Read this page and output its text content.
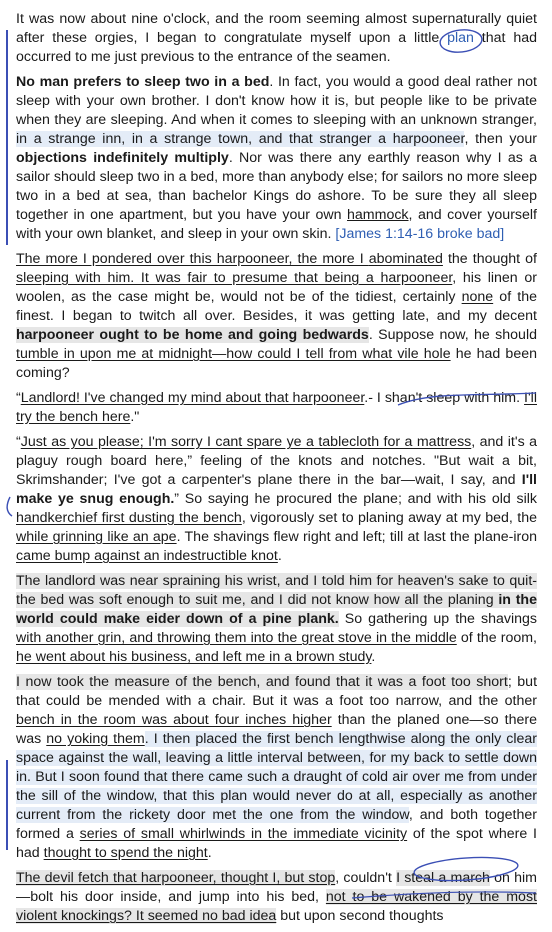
It was now about nine o'clock, and the room seeming almost supernaturally quiet after these orgies, I began to congratulate myself upon a little plan that had occurred to me just previous to the entrance of the seamen.

No man prefers to sleep two in a bed. In fact, you would a good deal rather not sleep with your own brother. I don't know how it is, but people like to be private when they are sleeping. And when it comes to sleeping with an unknown stranger, in a strange inn, in a strange town, and that stranger a harpooneer, then your objections indefinitely multiply. Nor was there any earthly reason why I as a sailor should sleep two in a bed, more than anybody else; for sailors no more sleep two in a bed at sea, than bachelor Kings do ashore. To be sure they all sleep together in one apartment, but you have your own hammock, and cover yourself with your own blanket, and sleep in your own skin. [James 1:14-16 broke bad]

The more I pondered over this harpooneer, the more I abominated the thought of sleeping with him. It was fair to presume that being a harpooneer, his linen or woolen, as the case might be, would not be of the tidiest, certainly none of the finest. I began to twitch all over. Besides, it was getting late, and my decent harpooneer ought to be home and going bedwards. Suppose now, he should tumble in upon me at midnight—how could I tell from what vile hole he had been coming?

“Landlord! I've changed my mind about that harpooneer.- I shan't sleep with him. I'll try the bench here."

“Just as you please; I'm sorry I cant spare ye a tablecloth for a mattress, and it's a plaguy rough board here,” feeling of the knots and notches. "But wait a bit, Skrimshander; I've got a carpenter's plane there in the bar—wait, I say, and I'll make ye snug enough.” So saying he procured the plane; and with his old silk handkerchief first dusting the bench, vigorously set to planing away at my bed, the while grinning like an ape. The shavings flew right and left; till at last the plane-iron came bump against an indestructible knot.

The landlord was near spraining his wrist, and I told him for heaven's sake to quit-the bed was soft enough to suit me, and I did not know how all the planing in the world could make eider down of a pine plank. So gathering up the shavings with another grin, and throwing them into the great stove in the middle of the room, he went about his business, and left me in a brown study.

I now took the measure of the bench, and found that it was a foot too short; but that could be mended with a chair. But it was a foot too narrow, and the other bench in the room was about four inches higher than the planed one—so there was no yoking them. I then placed the first bench lengthwise along the only clear space against the wall, leaving a little interval between, for my back to settle down in. But I soon found that there came such a draught of cold air over me from under the sill of the window, that this plan would never do at all, especially as another current from the rickety door met the one from the window, and both together formed a series of small whirlwinds in the immediate vicinity of the spot where I had thought to spend the night.

The devil fetch that harpooneer, thought I, but stop, couldn't I steal a march on him—bolt his door inside, and jump into his bed, not to be wakened by the most violent knockings? It seemed no bad idea but upon second thoughts
